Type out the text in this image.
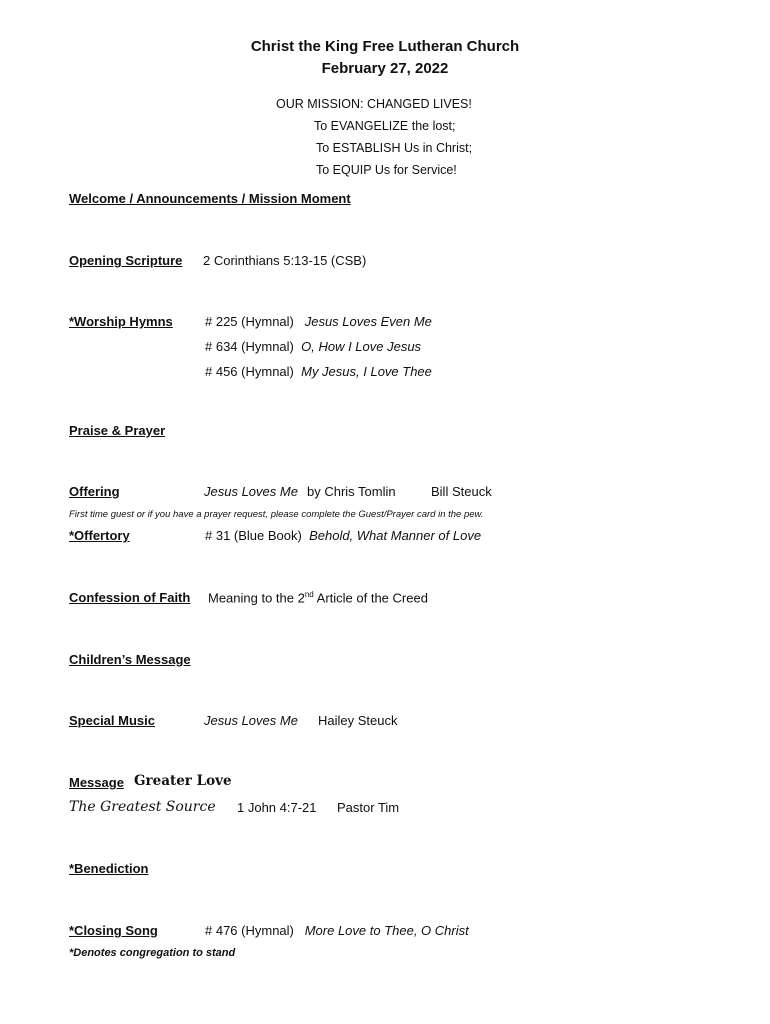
Christ the King Free Lutheran Church
February 27, 2022
OUR MISSION: CHANGED LIVES!
To EVANGELIZE the lost;
To ESTABLISH Us in Christ;
To EQUIP Us for Service!
Welcome / Announcements / Mission Moment
Opening Scripture 2 Corinthians 5:13-15 (CSB)
*Worship Hymns # 225 (Hymnal) Jesus Loves Even Me
# 634 (Hymnal) O, How I Love Jesus
# 456 (Hymnal) My Jesus, I Love Thee
Praise & Prayer
Offering	Jesus Loves Me by Chris Tomlin	Bill Steuck
First time guest or if you have a prayer request, please complete the Guest/Prayer card in the pew.
*Offertory	# 31 (Blue Book) Behold, What Manner of Love
Confession of Faith Meaning to the 2nd Article of the Creed
Children’s Message
Special Music	Jesus Loves Me Hailey Steuck
Message Greater Love
The Greatest Source 1 John 4:7-21 Pastor Tim
*Benediction
*Closing Song	# 476 (Hymnal) More Love to Thee, O Christ
*Denotes congregation to stand
